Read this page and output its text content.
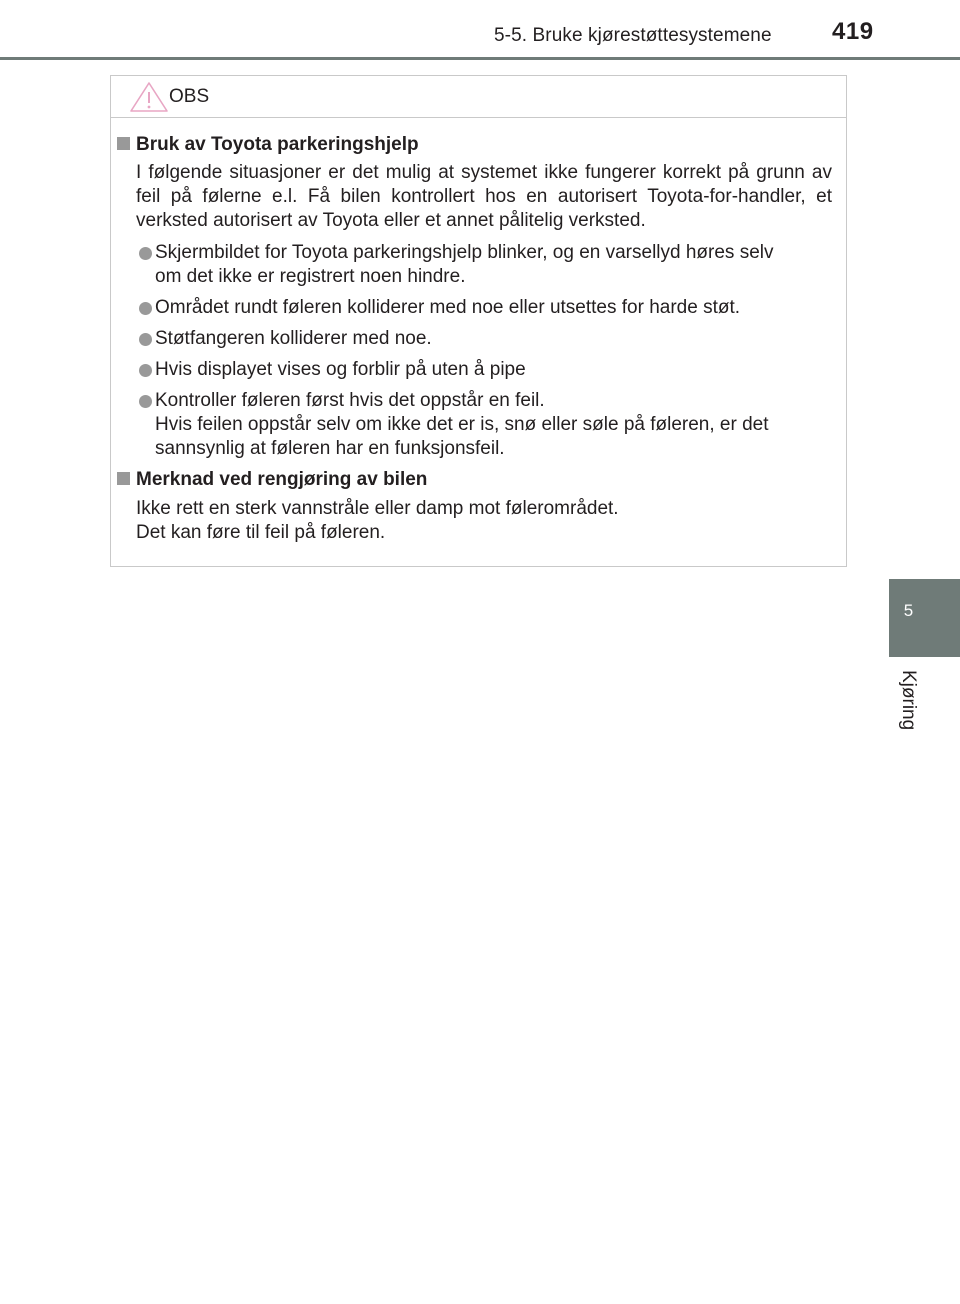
5-5. Bruke kjørestøttesystemene	419
5
Kjøring
OBS
Bruk av Toyota parkeringshjelp
I følgende situasjoner er det mulig at systemet ikke fungerer korrekt på grunn av feil på følerne e.l. Få bilen kontrollert hos en autorisert Toyota-for-handler, et verksted autorisert av Toyota eller et annet pålitelig verksted.
Skjermbildet for Toyota parkeringshjelp blinker, og en varsellyd høres selv
om det ikke er registrert noen hindre.
Området rundt føleren kolliderer med noe eller utsettes for harde støt.
Støtfangeren kolliderer med noe.
Hvis displayet vises og forblir på uten å pipe
Kontroller føleren først hvis det oppstår en feil.
Hvis feilen oppstår selv om ikke det er is, snø eller søle på føleren, er det
sannsynlig at føleren har en funksjonsfeil.
Merknad ved rengjøring av bilen
Ikke rett en sterk vannstråle eller damp mot følerområdet.
Det kan føre til feil på føleren.
